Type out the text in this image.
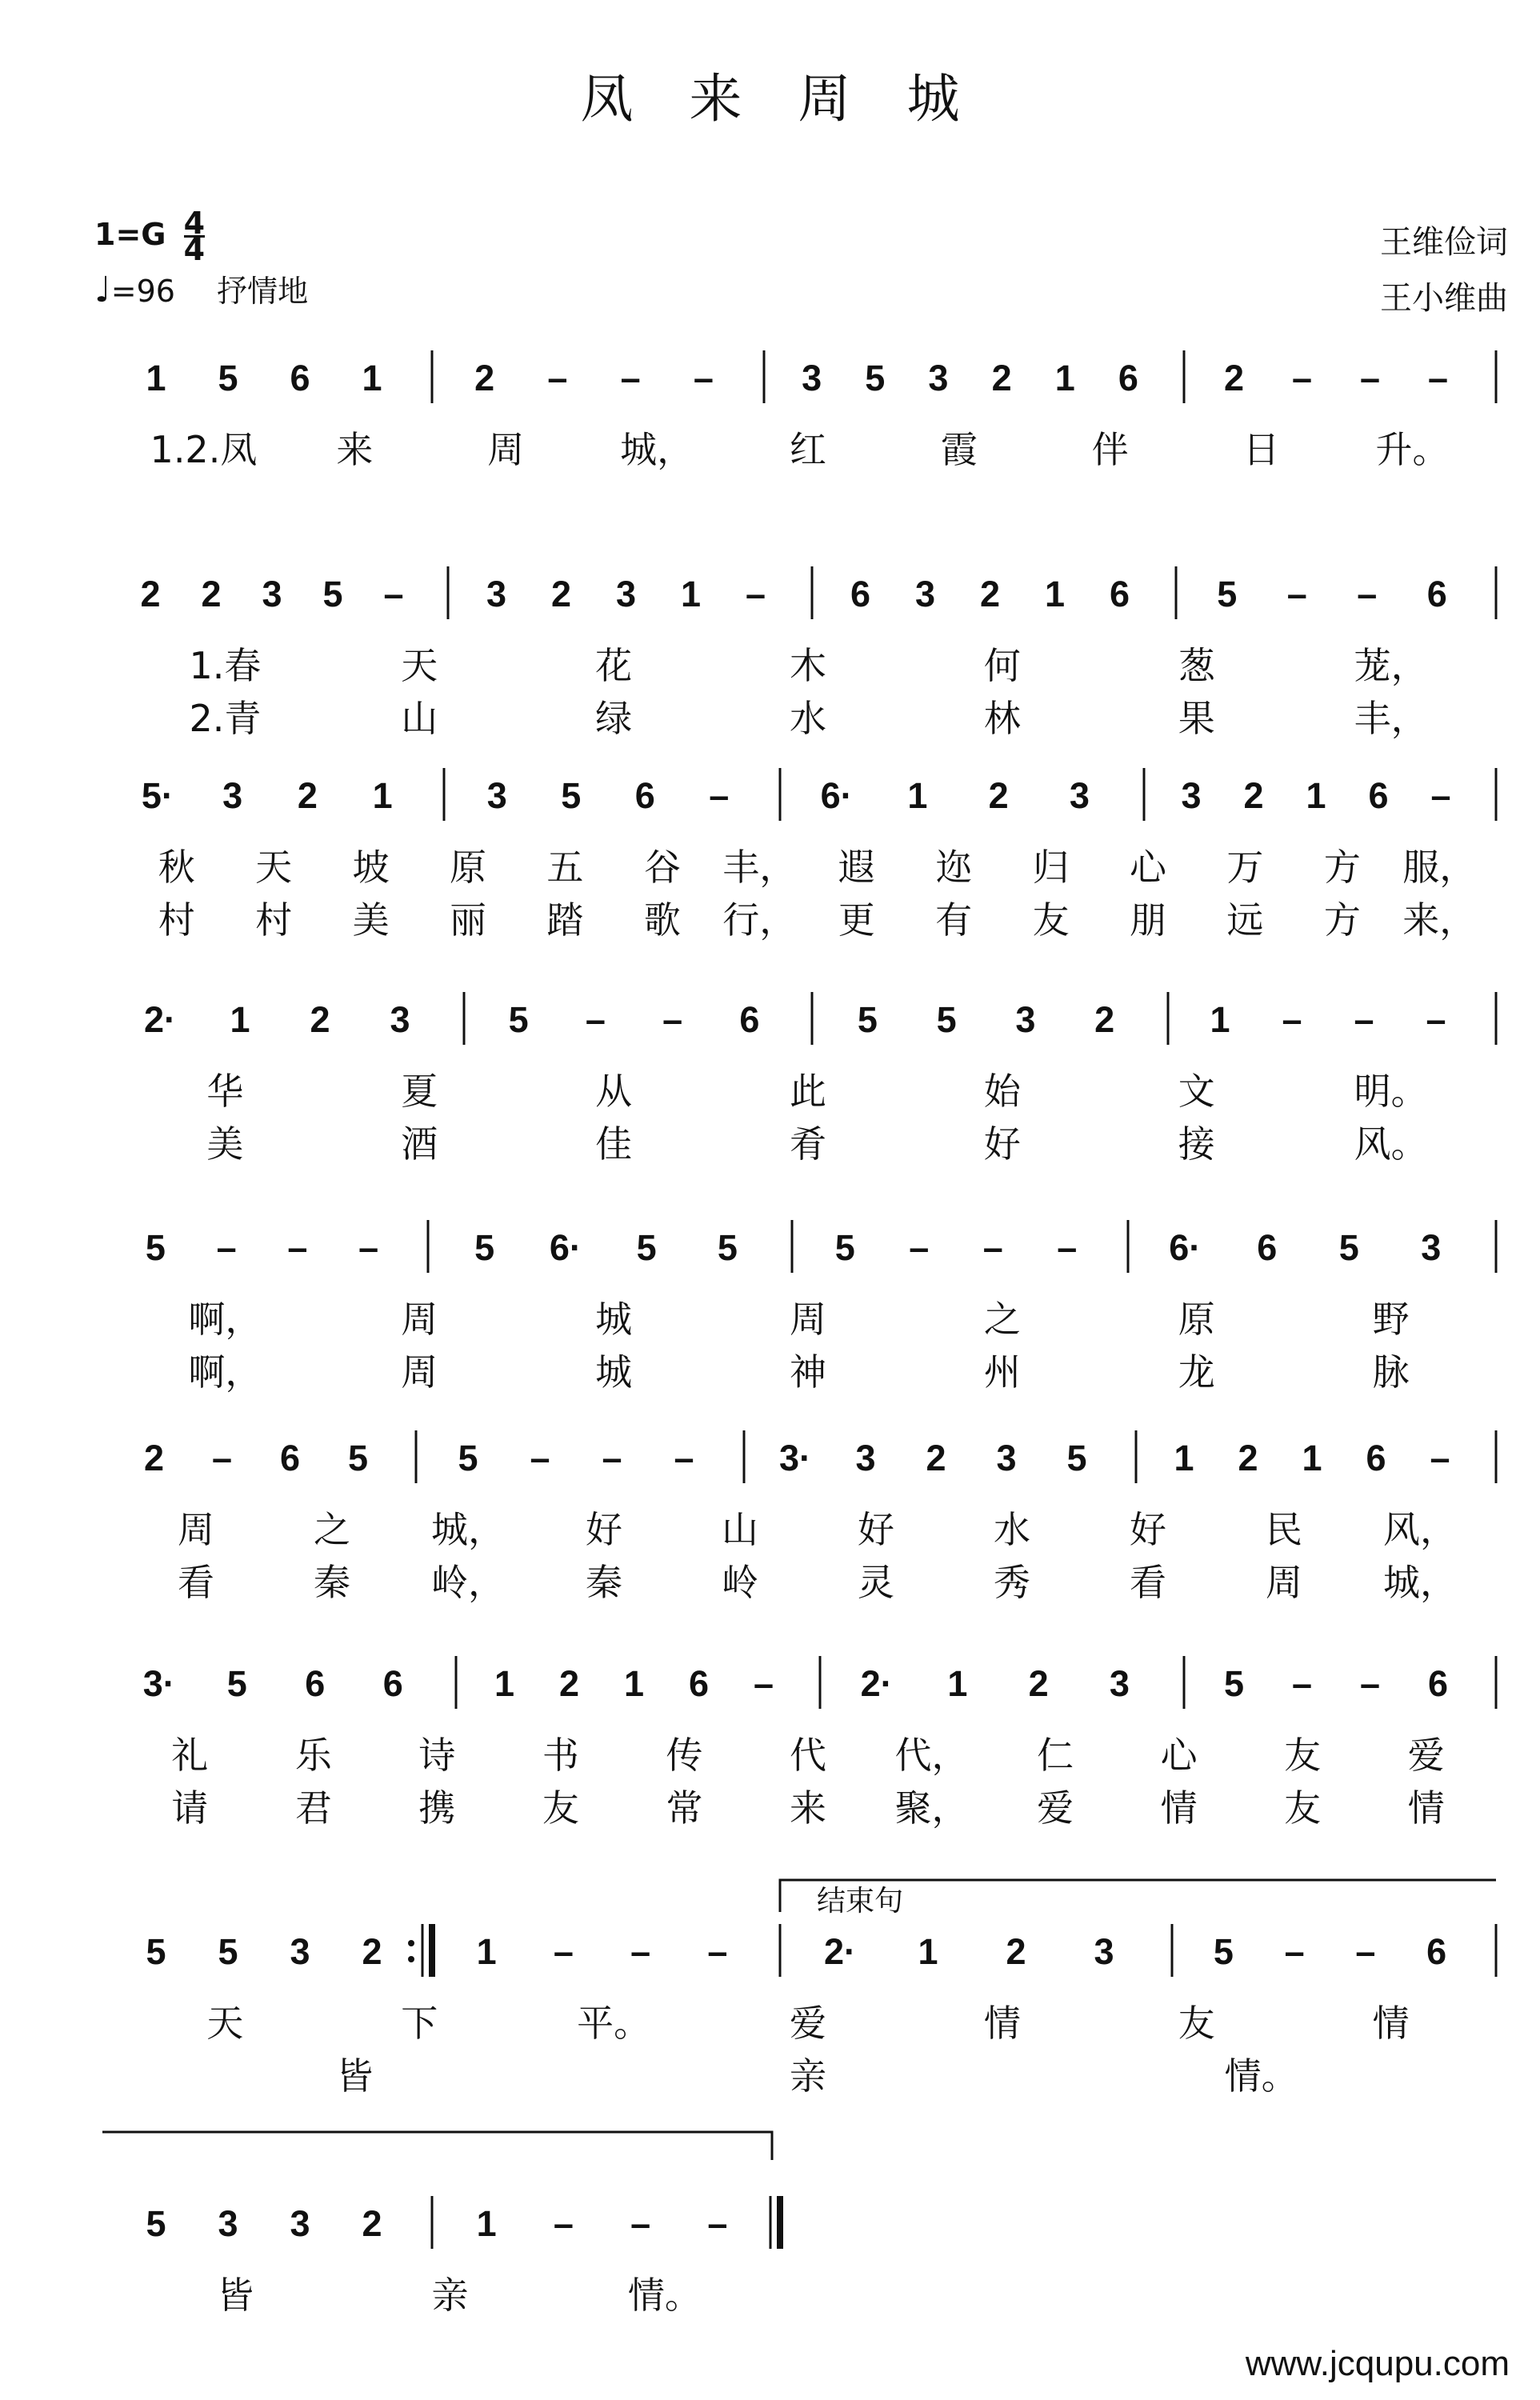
凤来周城
$1=G \frac{4}{4}$
♩=96 抒情地
王维俭词
王小维曲
1 5 6 1	2 – – – 3 5 3 2 1 6 2 – – –
1.2.凤 来	周	城，	红	霞	伴	日	升。
2 2 3 5 – 3 2 3 1 – 6 3 2 1 6 5 – – 6
1.春	天	花	木	何	葱	茏，
2.青	山	绿	水	林	果	丰，
5· 3 2 1	3 5 6 –	6· 1 2 3	3 2 1 6 –
秋 天 坡 原 五 谷 丰， 遐 迩 归 心 万 方 服，
村 村 美 丽 踏 歌 行， 更 有 友 朋 远 方 来，
2· 1 2 3	5 – – 6	5 5 3 2	1 – – –
华	夏	从	此	始	文	明。
美	酒	佳	肴	好	接	风。
5 – – –	5 6· 5 5	5 – – –	6· 6 5 3
啊，	周	城	周	之	原	野
啊，	周	城	神	州	龙	脉
2 – 6 5 5 – – – 3· 3 2 3 5 1 2 1 6 –
周	之 城， 好	山	好	水	好	民 风，
看	秦 岭， 秦	岭	灵	秀	看	周 城，
3· 5 6 6	1 2 1 6 – 2· 1 2 3	5 – – 6
礼 乐 诗 书 传 代 代， 仁 心 友 爱
请 君 携 友 常 来 聚， 爱 情 友 情
5 5 3 2	1 – – –	2· 1 2 3	5 – – 6
天	下	平。	爱	情	友	情
皆	亲	情。
5 3 3 2	1 – – –
皆	亲	情。
结束句
www.jcqupu.com
